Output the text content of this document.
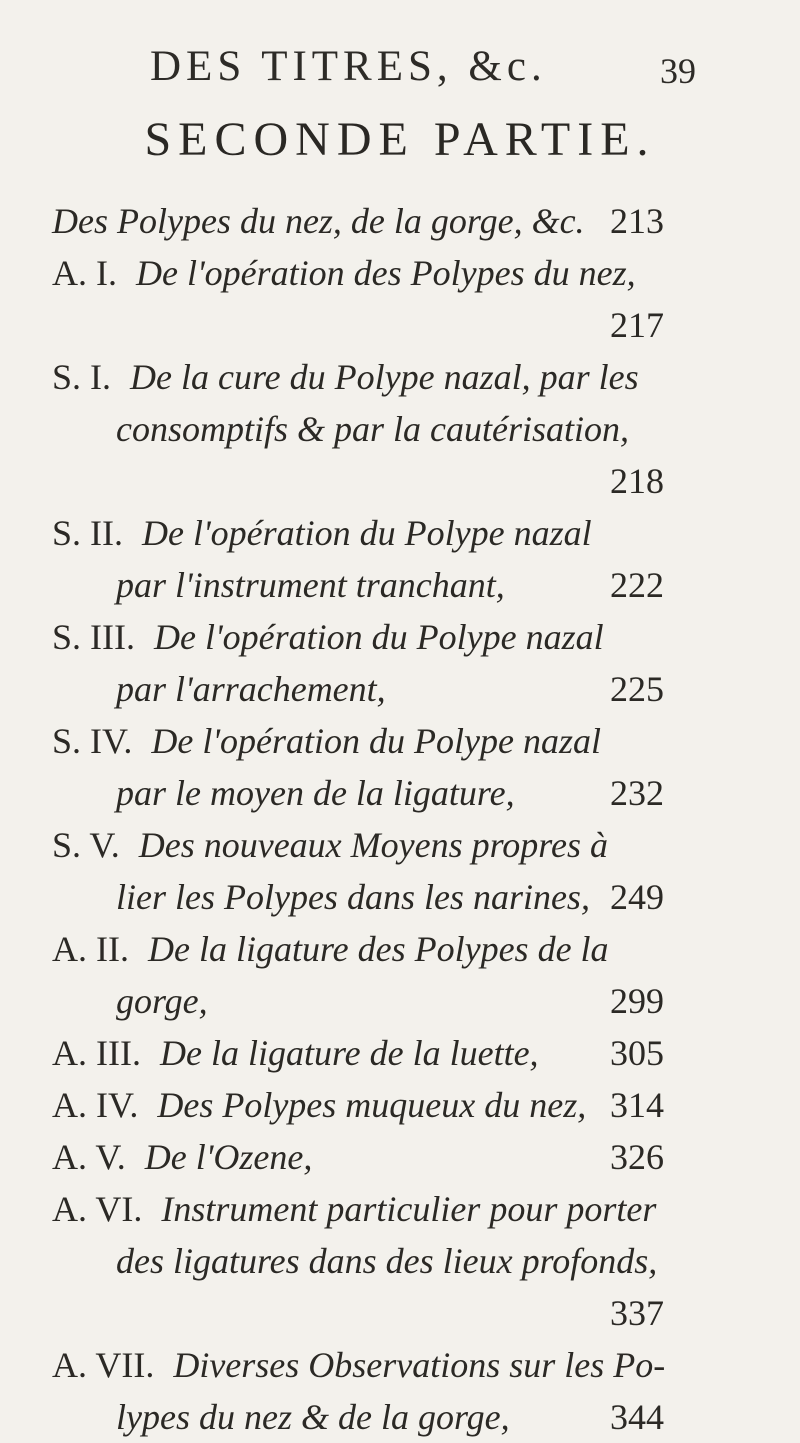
DES TITRES, &c.	39
SECONDE PARTIE.
Des Polypes du nez, de la gorge, &c. 213
A. I. De l'opération des Polypes du nez,
217
S. I. De la cure du Polype nazal, par les
consomptifs & par la cautérisation,
218
S. II. De l'opération du Polype nazal
par l'instrument tranchant,	222
S. III. De l'opération du Polype nazal
par l'arrachement,	225
S. IV. De l'opération du Polype nazal
par le moyen de la ligature,	232
S. V. Des nouveaux Moyens propres à
lier les Polypes dans les narines, 249
A. II. De la ligature des Polypes de la
gorge,	299
A. III. De la ligature de la luette, 305
A. IV. Des Polypes muqueux du nez, 314
A. V. De l'Ozene,	326
A. VI. Instrument particulier pour porter
des ligatures dans des lieux profonds,
337
A. VII. Diverses Observations sur les Po-
lypes du nez & de la gorge,	344
